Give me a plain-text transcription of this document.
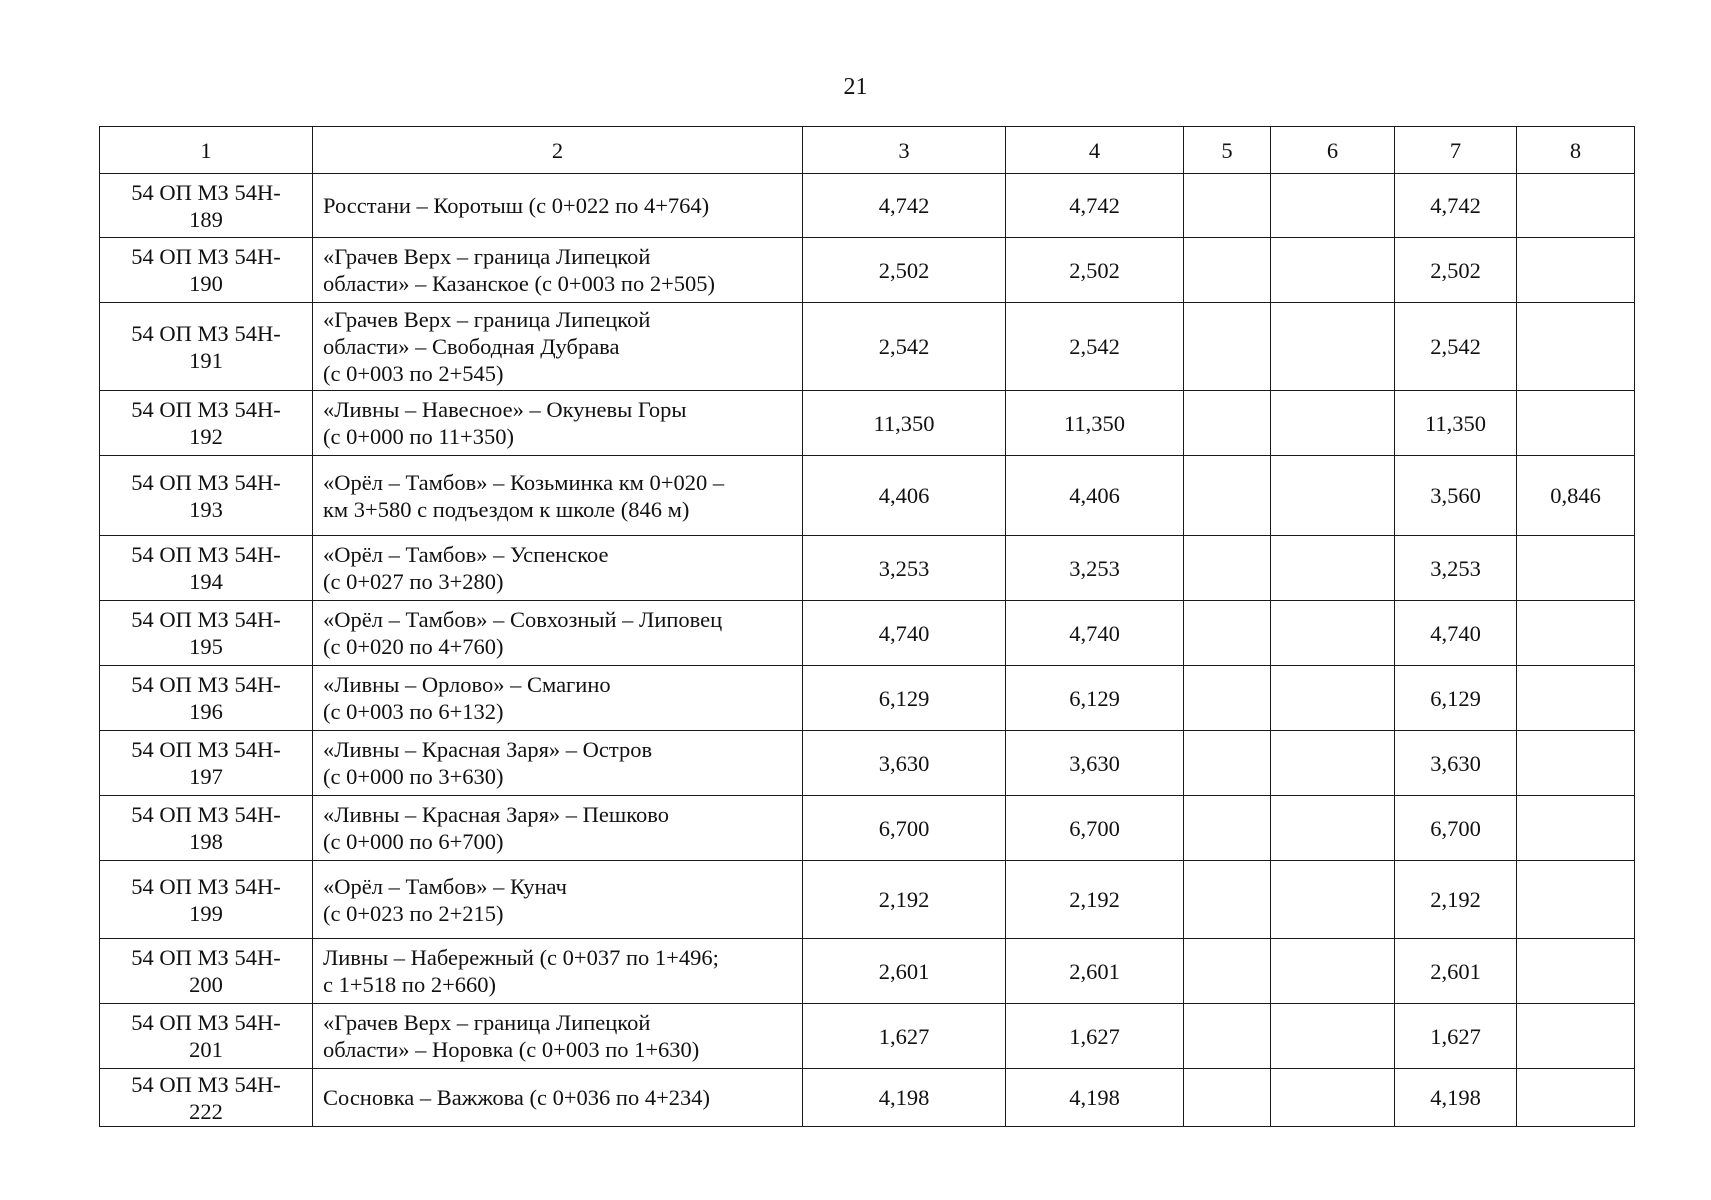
21
1	2	3	4	5	6	7	8

54 ОП МЗ 54Н-
189	Росстани – Коротыш (с 0+022 по 4+764)	4,742	4,742			4,742	

54 ОП МЗ 54Н-
190	«Грачев Верх – граница Липецкой
области» – Казанское (с 0+003 по 2+505)	2,502	2,502			2,502	

54 ОП МЗ 54Н-
191	«Грачев Верх – граница Липецкой
области» – Свободная Дубрава
(с 0+003 по 2+545)	2,542	2,542			2,542	

54 ОП МЗ 54Н-
192	«Ливны – Навесное» – Окуневы Горы
(с 0+000 по 11+350)	11,350	11,350			11,350	

54 ОП МЗ 54Н-
193	«Орёл – Тамбов» – Козьминка км 0+020 –
км 3+580 с подъездом к школе (846 м)	4,406	4,406			3,560	0,846

54 ОП МЗ 54Н-
194	«Орёл – Тамбов» – Успенское
(с 0+027 по 3+280)	3,253	3,253			3,253	

54 ОП МЗ 54Н-
195	«Орёл – Тамбов» – Совхозный – Липовец
(с 0+020 по 4+760)	4,740	4,740			4,740	

54 ОП МЗ 54Н-
196	«Ливны – Орлово» – Смагино
(с 0+003 по 6+132)	6,129	6,129			6,129	

54 ОП МЗ 54Н-
197	«Ливны – Красная Заря» – Остров
(с 0+000 по 3+630)	3,630	3,630			3,630	

54 ОП МЗ 54Н-
198	«Ливны – Красная Заря» – Пешково
(с 0+000 по 6+700)	6,700	6,700			6,700	

54 ОП МЗ 54Н-
199	«Орёл – Тамбов» – Кунач
(с 0+023 по 2+215)	2,192	2,192			2,192	

54 ОП МЗ 54Н-
200	Ливны – Набережный (с 0+037 по 1+496;
с 1+518 по 2+660)	2,601	2,601			2,601	

54 ОП МЗ 54Н-
201	«Грачев Верх – граница Липецкой
области» – Норовка (с 0+003 по 1+630)	1,627	1,627			1,627	

54 ОП МЗ 54Н-
222	Сосновка – Важжова (с 0+036 по 4+234)	4,198	4,198			4,198	
